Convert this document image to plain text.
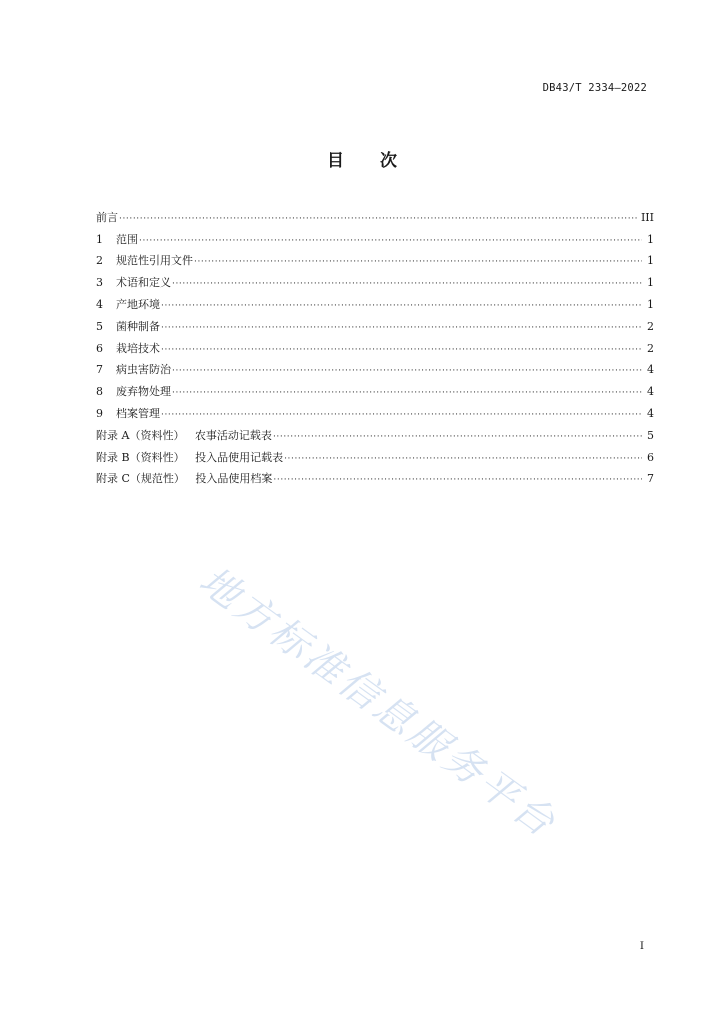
DB43/T 2334—2022
目 次
前言 ·····	III
1	范围 ·····	1
2	规范性引用文件 ·····	1
3	术语和定义 ·····	1
4	产地环境 ·····	1
5	菌种制备 ·····	2
6	栽培技术 ·····	2
7	病虫害防治 ·····	4
8	废弃物处理 ·····	4
9	档案管理 ·····	4
附录 A（资料性） 农事活动记载表 ·····	5
附录 B（资料性） 投入品使用记载表 ·····	6
附录 C（规范性） 投入品使用档案 ·····	7
地方标准信息服务平台
I
